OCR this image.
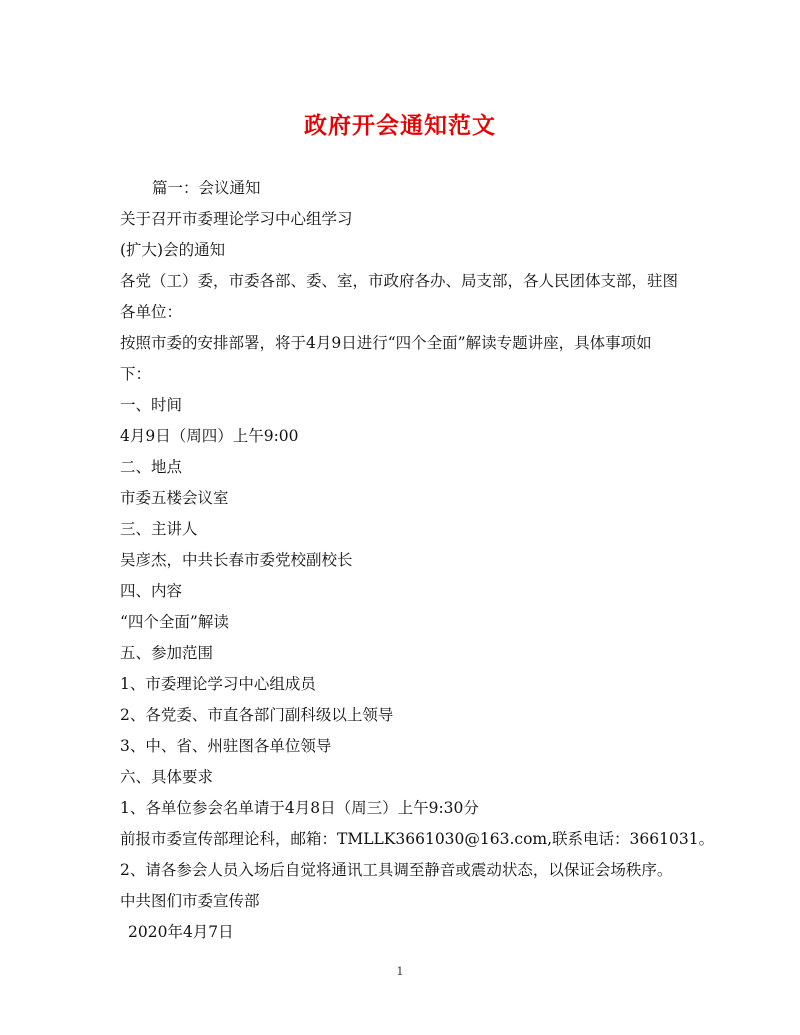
政府开会通知范文

篇一：会议通知

关于召开市委理论学习中心组学习

(扩大)会的通知

各党（工）委，市委各部、委、室，市政府各办、局支部，各人民团体支部，驻图各单位：

按照市委的安排部署，将于4月9日进行“四个全面”解读专题讲座，具体事项如下：

一、时间

4月9日（周四）上午9:00

二、地点

市委五楼会议室

三、主讲人

吴彦杰，中共长春市委党校副校长

四、内容

“四个全面”解读

五、参加范围

1、市委理论学习中心组成员

2、各党委、市直各部门副科级以上领导

3、中、省、州驻图各单位领导

六、具体要求

1、各单位参会名单请于4月8日（周三）上午9:30分

前报市委宣传部理论科，邮箱：TMLLK3661030@163.com,联系电话：3661031。

2、请各参会人员入场后自觉将通讯工具调至静音或震动状态，以保证会场秩序。

中共图们市委宣传部

2020年4月7日

1
